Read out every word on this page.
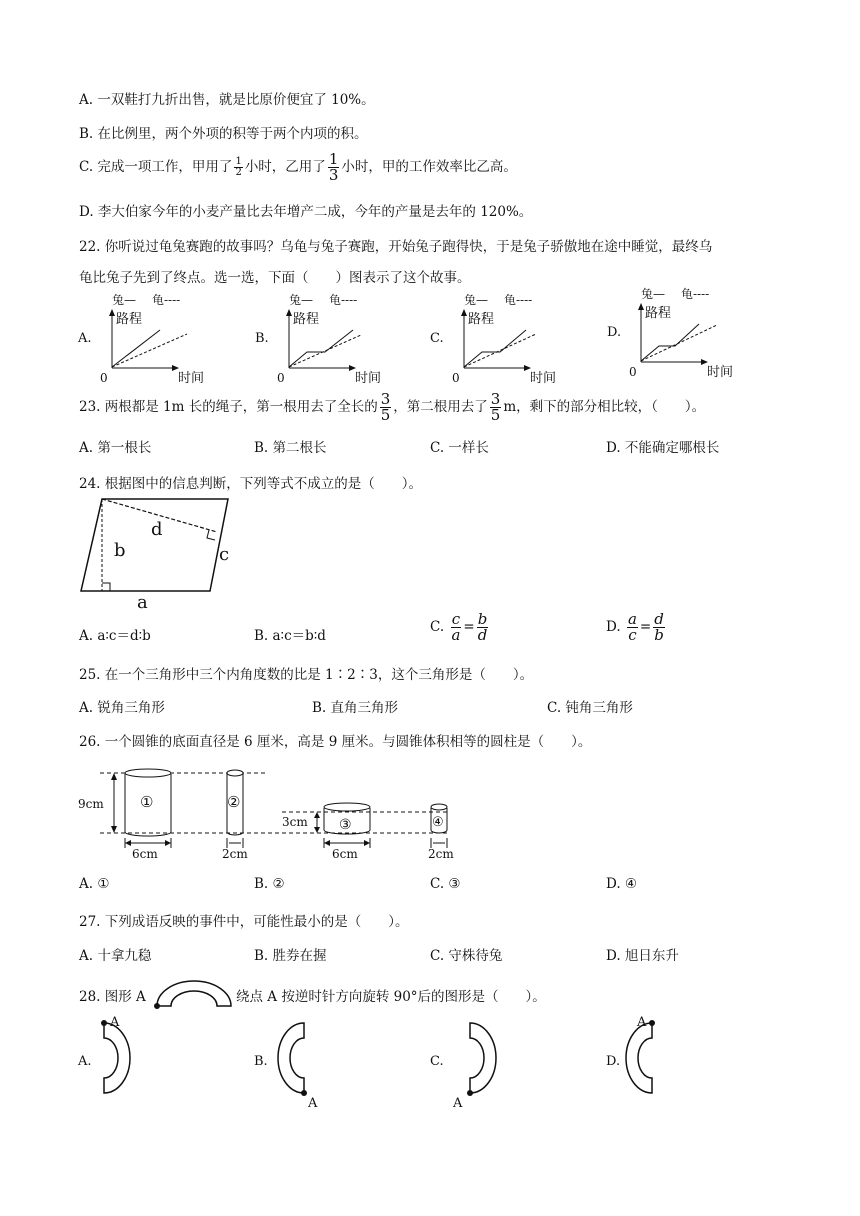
A. 一双鞋打九折出售，就是比原价便宜了 10%。
B. 在比例里，两个外项的积等于两个内项的积。
C. 完成一项工作，甲用了 $\frac{1}{2}$ 小时，乙用了 $\frac{1}{3}$ 小时，甲的工作效率比乙高。
D. 李大伯家今年的小麦产量比去年增产二成，今年的产量是去年的 120%。
22. 你听说过龟兔赛跑的故事吗？乌龟与兔子赛跑，开始兔子跑得快，于是兔子骄傲地在途中睡觉，最终乌
龟比兔子先到了终点。选一选，下面（　　）图表示了这个故事。
A.
兔— 龟----
路程
0	时间
B.
兔— 龟----
路程
0	时间
C.
兔— 龟----
路程
0	时间
D.
兔— 龟----
路程
0	时间
23. 两根都是 1m 长的绳子，第一根用去了全长的 $\frac{3}{5}$ ，第二根用去了 $\frac{3}{5}$ m，剩下的部分相比较，（　　）。
A. 第一根长	B. 第二根长	C. 一样长	D. 不能确定哪根长
24. 根据图中的信息判断，下列等式不成立的是（　　）。
d
b	c
a
A. a∶c＝d∶b	B. a∶c＝b∶d
C. $\frac{c}{a} = \frac{b}{d}$	D. $\frac{a}{c} = \frac{d}{b}$
25. 在一个三角形中三个内角度数的比是 1∶2∶3，这个三角形是（　　）。
A. 锐角三角形	B. 直角三角形	C. 钝角三角形
26. 一个圆锥的底面直径是 6 厘米，高是 9 厘米。与圆锥体积相等的圆柱是（　　）。
9cm ①
6cm
②
2cm
3cm ③
6cm
④
2cm
A. ①	B. ②	C. ③	D. ④
27. 下列成语反映的事件中，可能性最小的是（　　）。
A. 十拿九稳	B. 胜券在握	C. 守株待兔	D. 旭日东升
28. 图形 A	绕点 A 按逆时针方向旋转 90°后的图形是（　　）。
A.
A
B.
A
C.
A
D.
A
